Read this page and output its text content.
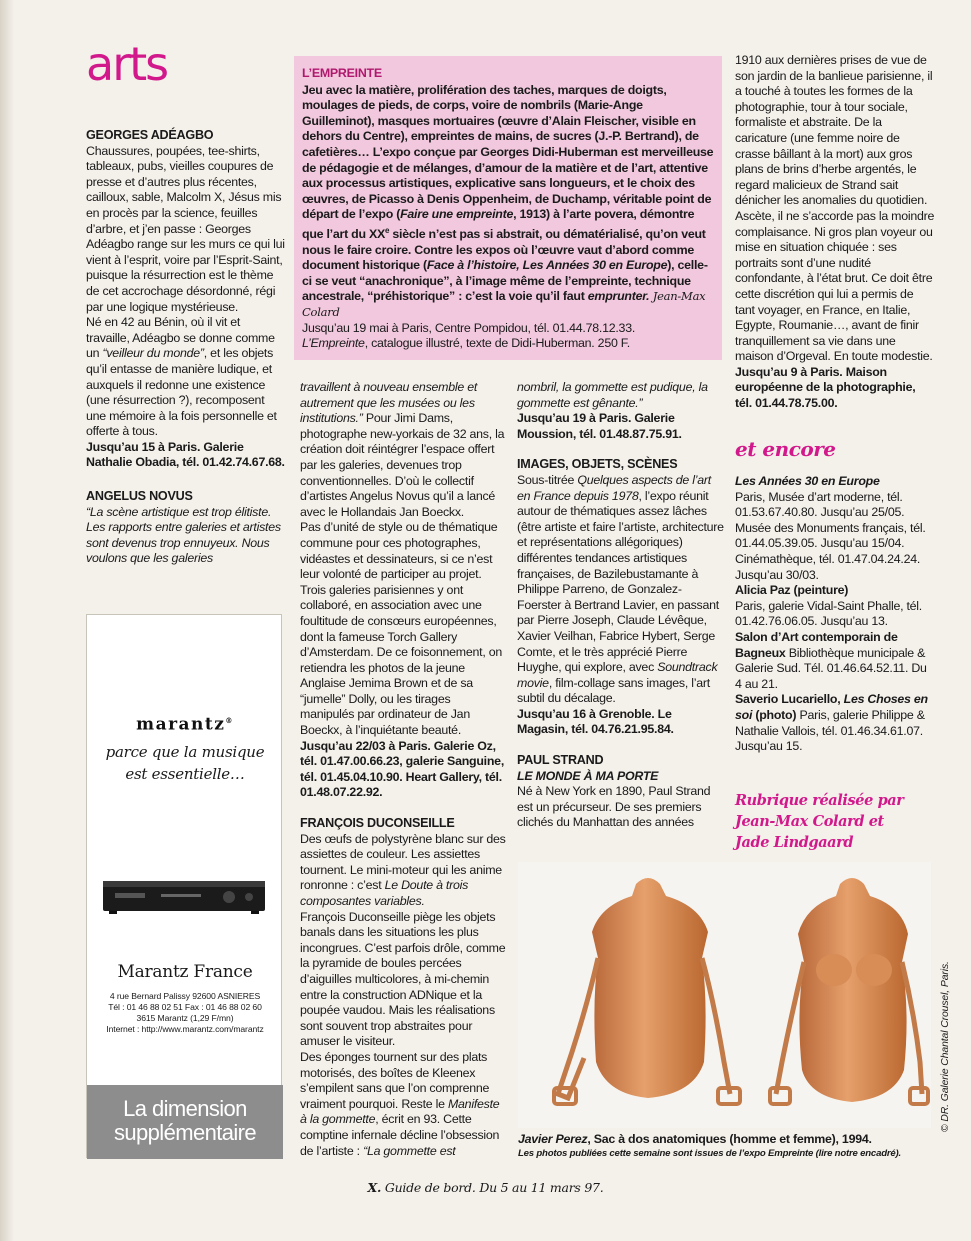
arts

GEORGES ADÉAGBO

Chaussures, poupées, tee-shirts, tableaux, pubs, vieilles coupures de presse et d’autres plus récentes, cailloux, sable, Malcolm X, Jésus mis en procès par la science, feuilles d’arbre, et j’en passe : Georges Adéagbo range sur les murs ce qui lui vient à l’esprit, voire par l’Esprit-Saint, puisque la résurrection est le thème de cet accrochage désordonné, régi par une logique mystérieuse.

Né en 42 au Bénin, où il vit et travaille, Adéagbo se donne comme un “veilleur du monde”, et les objets qu’il entasse de manière ludique, et auxquels il redonne une existence (une résurrection ?), recomposent une mémoire à la fois personnelle et offerte à tous.

Jusqu’au 15 à Paris. Galerie Nathalie Obadia, tél. 01.42.74.67.68.

ANGELUS NOVUS

“La scène artistique est trop élitiste. Les rapports entre galeries et artistes sont devenus trop ennuyeux. Nous voulons que les galeries

L’EMPREINTE

Jeu avec la matière, prolifération des taches, marques de doigts, moulages de pieds, de corps, voire de nombrils (Marie-Ange Guilleminot), masques mortuaires (œuvre d’Alain Fleischer, visible en dehors du Centre), empreintes de mains, de sucres (J.-P. Bertrand), de cafetières… L’expo conçue par Georges Didi-Huberman est merveilleuse de pédagogie et de mélanges, d’amour de la matière et de l’art, attentive aux processus artistiques, explicative sans longueurs, et le choix des œuvres, de Picasso à Denis Oppenheim, de Duchamp, véritable point de départ de l’expo (Faire une empreinte, 1913) à l’arte povera, démontre que l’art du XXe siècle n’est pas si abstrait, ou dématérialisé, qu’on veut nous le faire croire. Contre les expos où l’œuvre vaut d’abord comme document historique (Face à l’histoire, Les Années 30 en Europe), celle-ci se veut “anachronique”, à l’image même de l’empreinte, technique ancestrale, “préhistorique” : c’est la voie qu’il faut emprunter. Jean-Max Colard

Jusqu’au 19 mai à Paris, Centre Pompidou, tél. 01.44.78.12.33.

L’Empreinte, catalogue illustré, texte de Didi-Huberman. 250 F.

travaillent à nouveau ensemble et autrement que les musées ou les institutions.” Pour Jimi Dams, photographe new-yorkais de 32 ans, la création doit réintégrer l’espace offert par les galeries, devenues trop conventionnelles. D’où le collectif d’artistes Angelus Novus qu’il a lancé avec le Hollandais Jan Boeckx.

Pas d’unité de style ou de thématique commune pour ces photographes, vidéastes et dessinateurs, si ce n’est leur volonté de participer au projet. Trois galeries parisiennes y ont collaboré, en association avec une foultitude de consœurs européennes, dont la fameuse Torch Gallery d’Amsterdam. De ce foisonnement, on retiendra les photos de la jeune Anglaise Jemima Brown et de sa “jumelle” Dolly, ou les tirages manipulés par ordinateur de Jan Boeckx, à l’inquiétante beauté.

Jusqu’au 22/03 à Paris. Galerie Oz, tél. 01.47.00.66.23, galerie Sanguine, tél. 01.45.04.10.90. Heart Gallery, tél. 01.48.07.22.92.

FRANÇOIS DUCONSEILLE

Des œufs de polystyrène blanc sur des assiettes de couleur. Les assiettes tournent. Le mini-moteur qui les anime ronronne : c’est Le Doute à trois composantes variables.

François Duconseille piège les objets banals dans les situations les plus incongrues. C’est parfois drôle, comme la pyramide de boules percées d’aiguilles multicolores, à mi-chemin entre la construction ADNique et la poupée vaudou. Mais les réalisations sont souvent trop abstraites pour amuser le visiteur.

Des éponges tournent sur des plats motorisés, des boîtes de Kleenex s’empilent sans que l’on comprenne vraiment pourquoi. Reste le Manifeste à la gommette, écrit en 93. Cette comptine infernale décline l’obsession de l’artiste : “La gommette est

nombril, la gommette est pudique, la gommette est gênante.”

Jusqu’au 19 à Paris. Galerie Moussion, tél. 01.48.87.75.91.

IMAGES, OBJETS, SCÈNES

Sous-titrée Quelques aspects de l’art en France depuis 1978, l’expo réunit autour de thématiques assez lâches (être artiste et faire l’artiste, architecture et représentations allégoriques) différentes tendances artistiques françaises, de Bazilebustamante à Philippe Parreno, de Gonzalez-Foerster à Bertrand Lavier, en passant par Pierre Joseph, Claude Lévêque, Xavier Veilhan, Fabrice Hybert, Serge Comte, et le très apprécié Pierre Huyghe, qui explore, avec Soundtrack movie, film-collage sans images, l’art subtil du décalage.

Jusqu’au 16 à Grenoble. Le Magasin, tél. 04.76.21.95.84.

PAUL STRAND

LE MONDE À MA PORTE

Né à New York en 1890, Paul Strand est un précurseur. De ses premiers clichés du Manhattan des années

1910 aux dernières prises de vue de son jardin de la banlieue parisienne, il a touché à toutes les formes de la photographie, tour à tour sociale, formaliste et abstraite. De la caricature (une femme noire de crasse bâillant à la mort) aux gros plans de brins d’herbe argentés, le regard malicieux de Strand sait dénicher les anomalies du quotidien. Ascète, il ne s’accorde pas la moindre complaisance. Ni gros plan voyeur ou mise en situation chiquée : ses portraits sont d’une nudité confondante, à l’état brut. Ce doit être cette discrétion qui lui a permis de tant voyager, en France, en Italie, Egypte, Roumanie…, avant de finir tranquillement sa vie dans une maison d’Orgeval. En toute modestie.

Jusqu’au 9 à Paris. Maison européenne de la photographie, tél. 01.44.78.75.00.

et encore

Les Années 30 en Europe

Paris, Musée d’art moderne, tél. 01.53.67.40.80. Jusqu’au 25/05. Musée des Monuments français, tél. 01.44.05.39.05. Jusqu’au 15/04. Cinémathèque, tél. 01.47.04.24.24. Jusqu’au 30/03.

Alicia Paz (peinture)

Paris, galerie Vidal-Saint Phalle, tél. 01.42.76.06.05. Jusqu’au 13.

Salon d’Art contemporain de Bagneux Bibliothèque municipale & Galerie Sud. Tél. 01.46.64.52.11. Du 4 au 21.

Saverio Lucariello, Les Choses en soi (photo) Paris, galerie Philippe & Nathalie Vallois, tél. 01.46.34.61.07. Jusqu’au 15.

Rubrique réalisée par Jean-Max Colard et Jade Lindgaard
marantz®
parce que la musique est essentielle…
Marantz France
4 rue Bernard Palissy 92600 ASNIERES
Tél : 01 46 88 02 51 Fax : 01 46 88 02 60
3615 Marantz (1,29 F/mn)
Internet : http://www.marantz.com/marantz
La dimension supplémentaire	Javier Perez, Sac à dos anatomiques (homme et femme), 1994.

Les photos publiées cette semaine sont issues de l’expo Empreinte (lire notre encadré).

© DR. Galerie Chantal Crousel, Paris.
X. Guide de bord. Du 5 au 11 mars 97.
